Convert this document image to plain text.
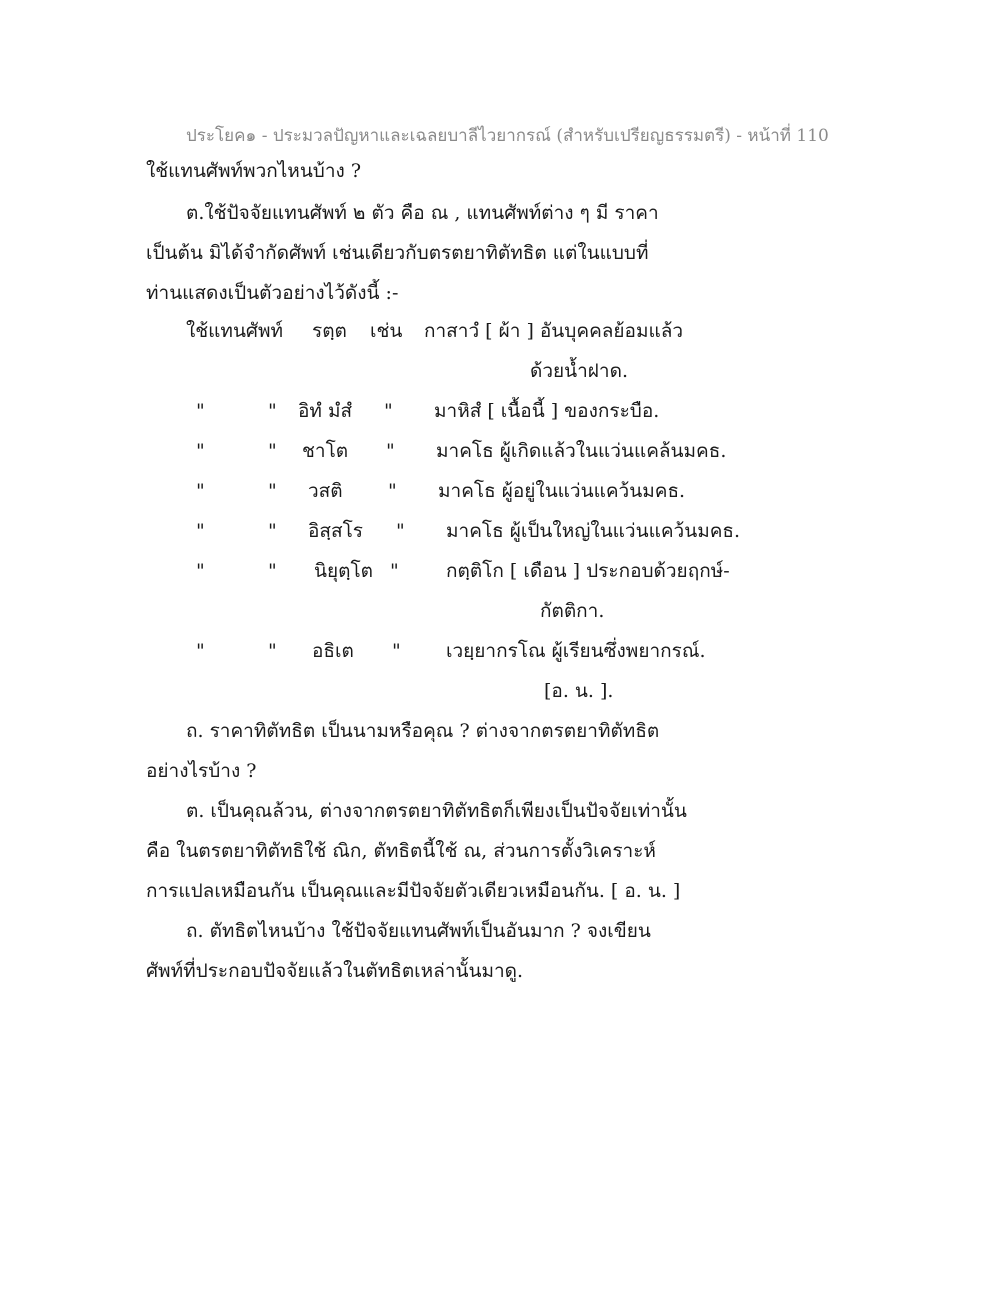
ประโยค๑ - ประมวลปัญหาและเฉลยบาลีไวยากรณ์ (สำหรับเปรียญธรรมตรี) - หน้าที่ 110
ใช้แทนศัพท์พวกไหนบ้าง ?
ต.ใช้ปัจจัยแทนศัพท์ ๒ ตัว คือ ณ , แทนศัพท์ต่าง ๆ มี ราคา
เป็นต้น มิได้จำกัดศัพท์ เช่นเดียวกับตรตยาทิตัทธิต แต่ในแบบที่
ท่านแสดงเป็นตัวอย่างไว้ดังนี้ :-
ใช้แทนศัพท์ รตฺต เช่น กาสาวํ [ ผ้า ] อันบุคคลย้อมแล้ว
ด้วยน้ำฝาด.
"	" อิทํ มํสํ " มาหิสํ [ เนื้อนี้ ] ของกระบือ.
"	" ชาโต " มาคโธ ผู้เกิดแล้วในแว่นแคล้นมคธ.
"	" วสติ " มาคโธ ผู้อยู่ในแว่นแคว้นมคธ.
"	" อิสฺสโร " มาคโธ ผู้เป็นใหญ่ในแว่นแคว้นมคธ.
"	" นิยุตฺโต " กตฺติโก [ เดือน ] ประกอบด้วยฤกษ์-
กัตติกา.
"	" อธิเต " เวยฺยากรโณ ผู้เรียนซึ่งพยากรณ์.
[อ. น. ].
ถ. ราคาทิตัทธิต เป็นนามหรือคุณ ? ต่างจากตรตยาทิตัทธิต
อย่างไรบ้าง ?
ต. เป็นคุณล้วน, ต่างจากตรตยาทิตัทธิตก็เพียงเป็นปัจจัยเท่านั้น
คือ ในตรตยาทิตัทธิใช้ ณิก, ตัทธิตนี้ใช้ ณ, ส่วนการตั้งวิเคราะห์
การแปลเหมือนกัน เป็นคุณและมีปัจจัยตัวเดียวเหมือนกัน. [ อ. น. ]
ถ. ตัทธิตไหนบ้าง ใช้ปัจจัยแทนศัพท์เป็นอันมาก ? จงเขียน
ศัพท์ที่ประกอบปัจจัยแล้วในตัทธิตเหล่านั้นมาดู.
